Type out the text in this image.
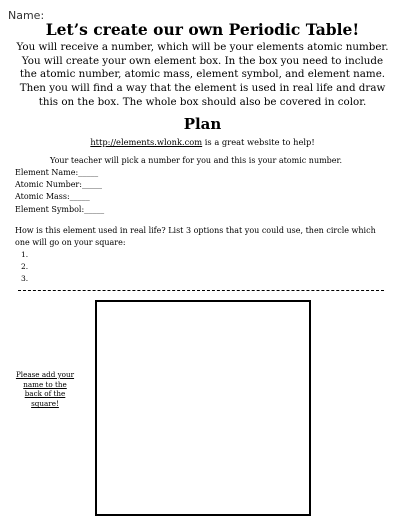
Name:
Let’s create our own Periodic Table!
You will receive a number, which will be your elements atomic number. You will create your own element box. In the box you need to include the atomic number, atomic mass, element symbol, and element name. Then you will find a way that the element is used in real life and draw this on the box. The whole box should also be covered in color.
Plan
http://elements.wlonk.com is a great website to help!
Your teacher will pick a number for you and this is your atomic number.
Element Name:_____
Atomic Number:_____
Atomic Mass:_____
Element Symbol:_____
How is this element used in real life? List 3 options that you could use, then circle which one will go on your square:
1.
2.
3.
Please add your name to the back of the square!
